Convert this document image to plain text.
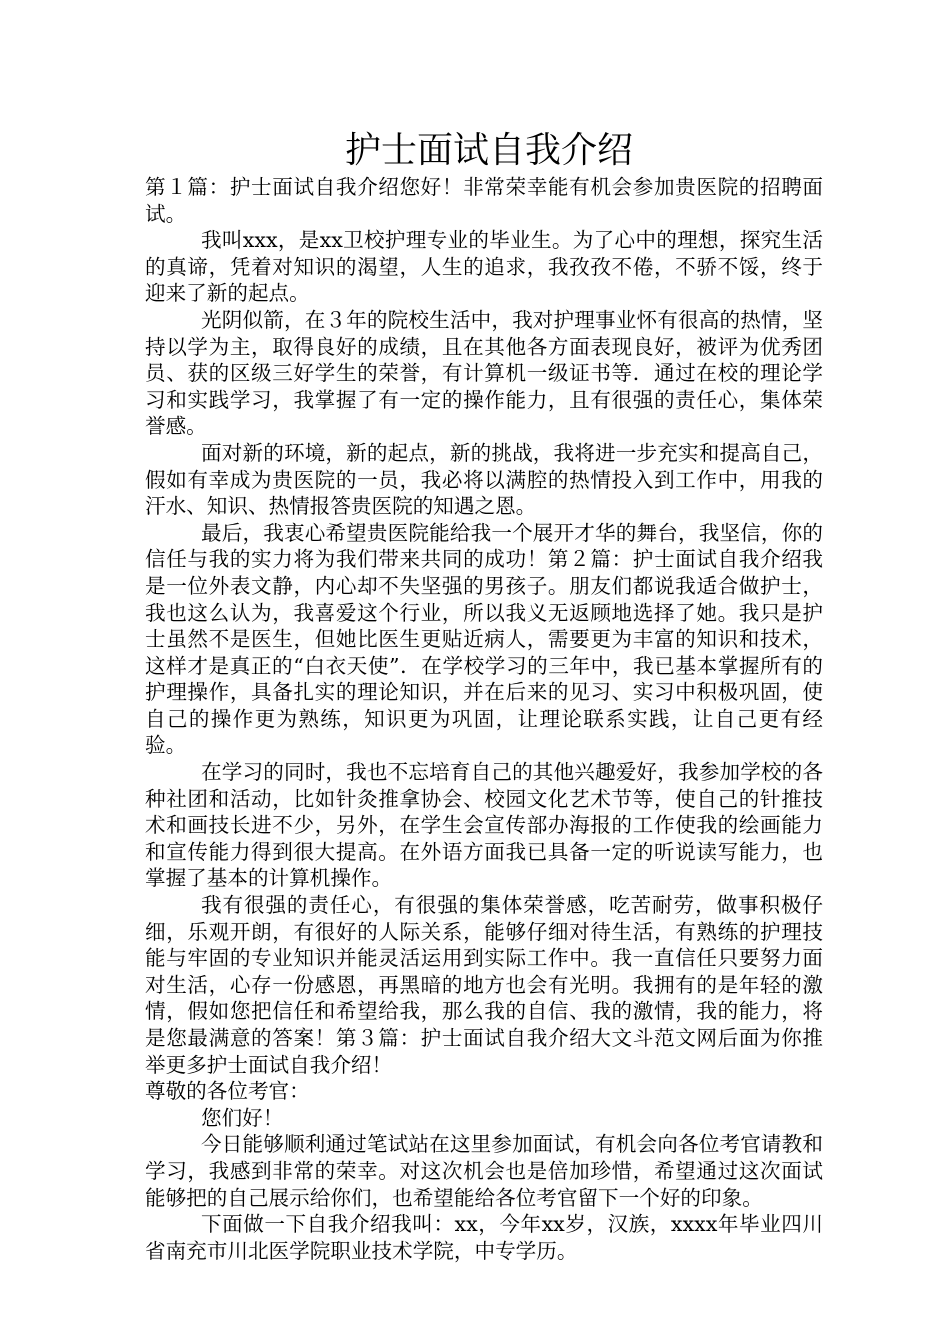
护士面试自我介绍

第１篇：护士面试自我介绍您好！非常荣幸能有机会参加贵医院的招聘面试。

我叫xxx，是xx卫校护理专业的毕业生。为了心中的理想，探究生活的真谛，凭着对知识的渴望，人生的追求，我孜孜不倦，不骄不馁，终于迎来了新的起点。

光阴似箭，在３年的院校生活中，我对护理事业怀有很高的热情，坚持以学为主，取得良好的成绩，且在其他各方面表现良好，被评为优秀团员、获的区级三好学生的荣誉，有计算机一级证书等．通过在校的理论学习和实践学习，我掌握了有一定的操作能力，且有很强的责任心，集体荣誉感。

面对新的环境，新的起点，新的挑战，我将进一步充实和提高自己，假如有幸成为贵医院的一员，我必将以满腔的热情投入到工作中，用我的汗水、知识、热情报答贵医院的知遇之恩。

最后，我衷心希望贵医院能给我一个展开才华的舞台，我坚信，你的信任与我的实力将为我们带来共同的成功！第２篇：护士面试自我介绍我是一位外表文静，内心却不失坚强的男孩子。朋友们都说我适合做护士，我也这么认为，我喜爱这个行业，所以我义无返顾地选择了她。我只是护士虽然不是医生，但她比医生更贴近病人，需要更为丰富的知识和技术，这样才是真正的“白衣天使”．在学校学习的三年中，我已基本掌握所有的护理操作，具备扎实的理论知识，并在后来的见习、实习中积极巩固，使自己的操作更为熟练，知识更为巩固，让理论联系实践，让自己更有经验。

在学习的同时，我也不忘培育自己的其他兴趣爱好，我参加学校的各种社团和活动，比如针灸推拿协会、校园文化艺术节等，使自己的针推技术和画技长进不少，另外，在学生会宣传部办海报的工作使我的绘画能力和宣传能力得到很大提高。在外语方面我已具备一定的听说读写能力，也掌握了基本的计算机操作。

我有很强的责任心，有很强的集体荣誉感，吃苦耐劳，做事积极仔细，乐观开朗，有很好的人际关系，能够仔细对待生活，有熟练的护理技能与牢固的专业知识并能灵活运用到实际工作中。我一直信任只要努力面对生活，心存一份感恩，再黑暗的地方也会有光明。我拥有的是年轻的激情，假如您把信任和希望给我，那么我的自信、我的激情，我的能力，将是您最满意的答案！第３篇：护士面试自我介绍大文斗范文网后面为你推举更多护士面试自我介绍！

尊敬的各位考官：

您们好！

今日能够顺利通过笔试站在这里参加面试，有机会向各位考官请教和学习，我感到非常的荣幸。对这次机会也是倍加珍惜，希望通过这次面试能够把的自己展示给你们，也希望能给各位考官留下一个好的印象。

下面做一下自我介绍我叫：xx，今年xx岁，汉族，xxxx年毕业四川省南充市川北医学院职业技术学院，中专学历。
